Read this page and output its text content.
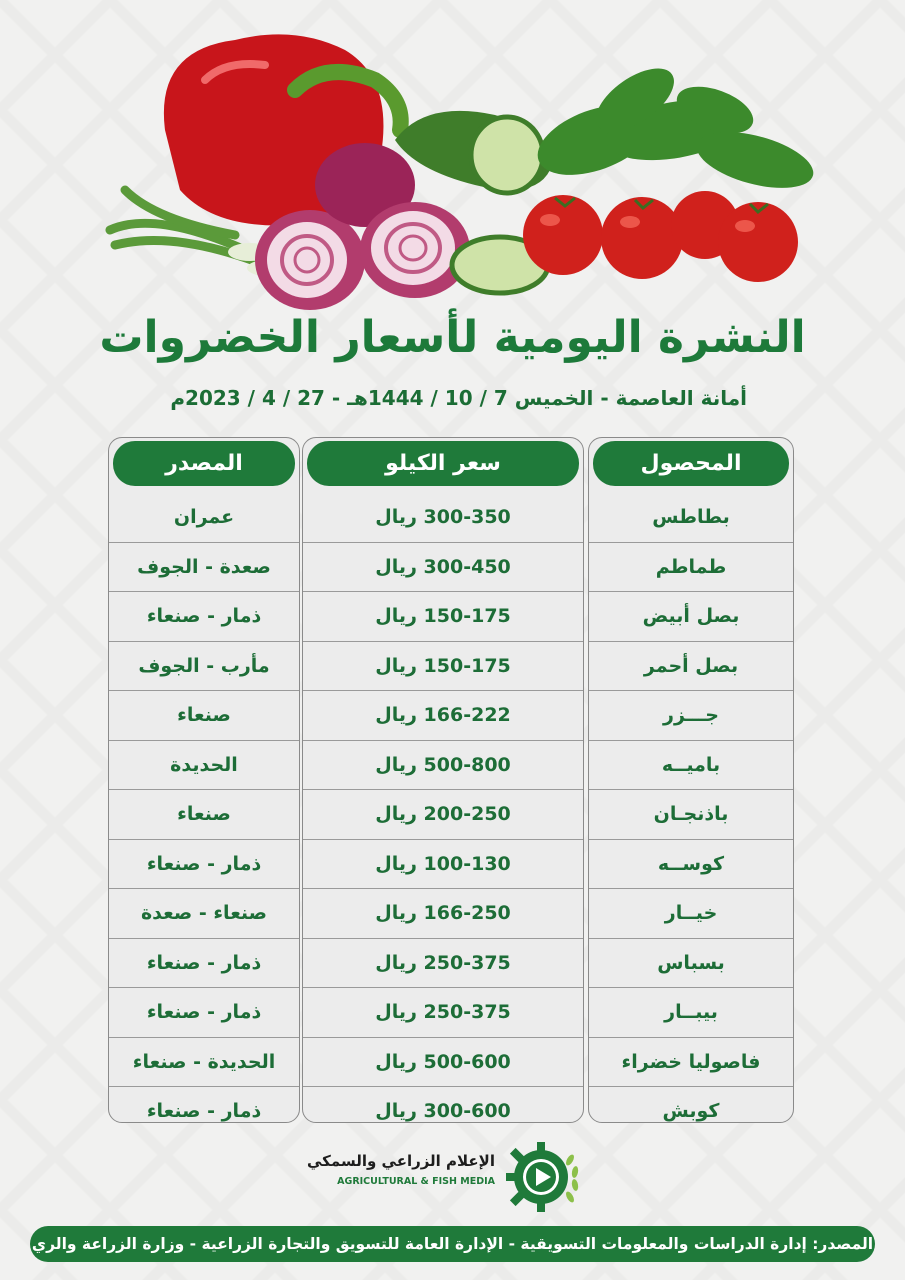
النشرة اليومية لأسعار الخضروات
أمانة العاصمة - الخميس 7 / 10 / 1444هـ - 27 / 4 / 2023م
المحصول
بطاطس
طماطم
بصل أبيض
بصل أحمر
جـــزر
باميــه
باذنجـان
كوســه
خيــار
بسباس
بيبــار
فاصوليا خضراء
كوبش
سعر الكيلو
300-350 ريال
300-450 ريال
150-175 ريال
150-175 ريال
166-222 ريال
500-800 ريال
200-250 ريال
100-130 ريال
166-250 ريال
250-375 ريال
250-375 ريال
500-600 ريال
300-600 ريال
المصدر
عمران
صعدة - الجوف
ذمار - صنعاء
مأرب - الجوف
صنعاء
الحديدة
صنعاء
ذمار - صنعاء
صنعاء - صعدة
ذمار - صنعاء
ذمار - صنعاء
الحديدة - صنعاء
ذمار - صنعاء
الإعلام الزراعي والسمكي
AGRICULTURAL & FISH MEDIA
المصدر: إدارة الدراسات والمعلومات التسويقية - الإدارة العامة للتسويق والتجارة الزراعية - وزارة الزراعة والري
